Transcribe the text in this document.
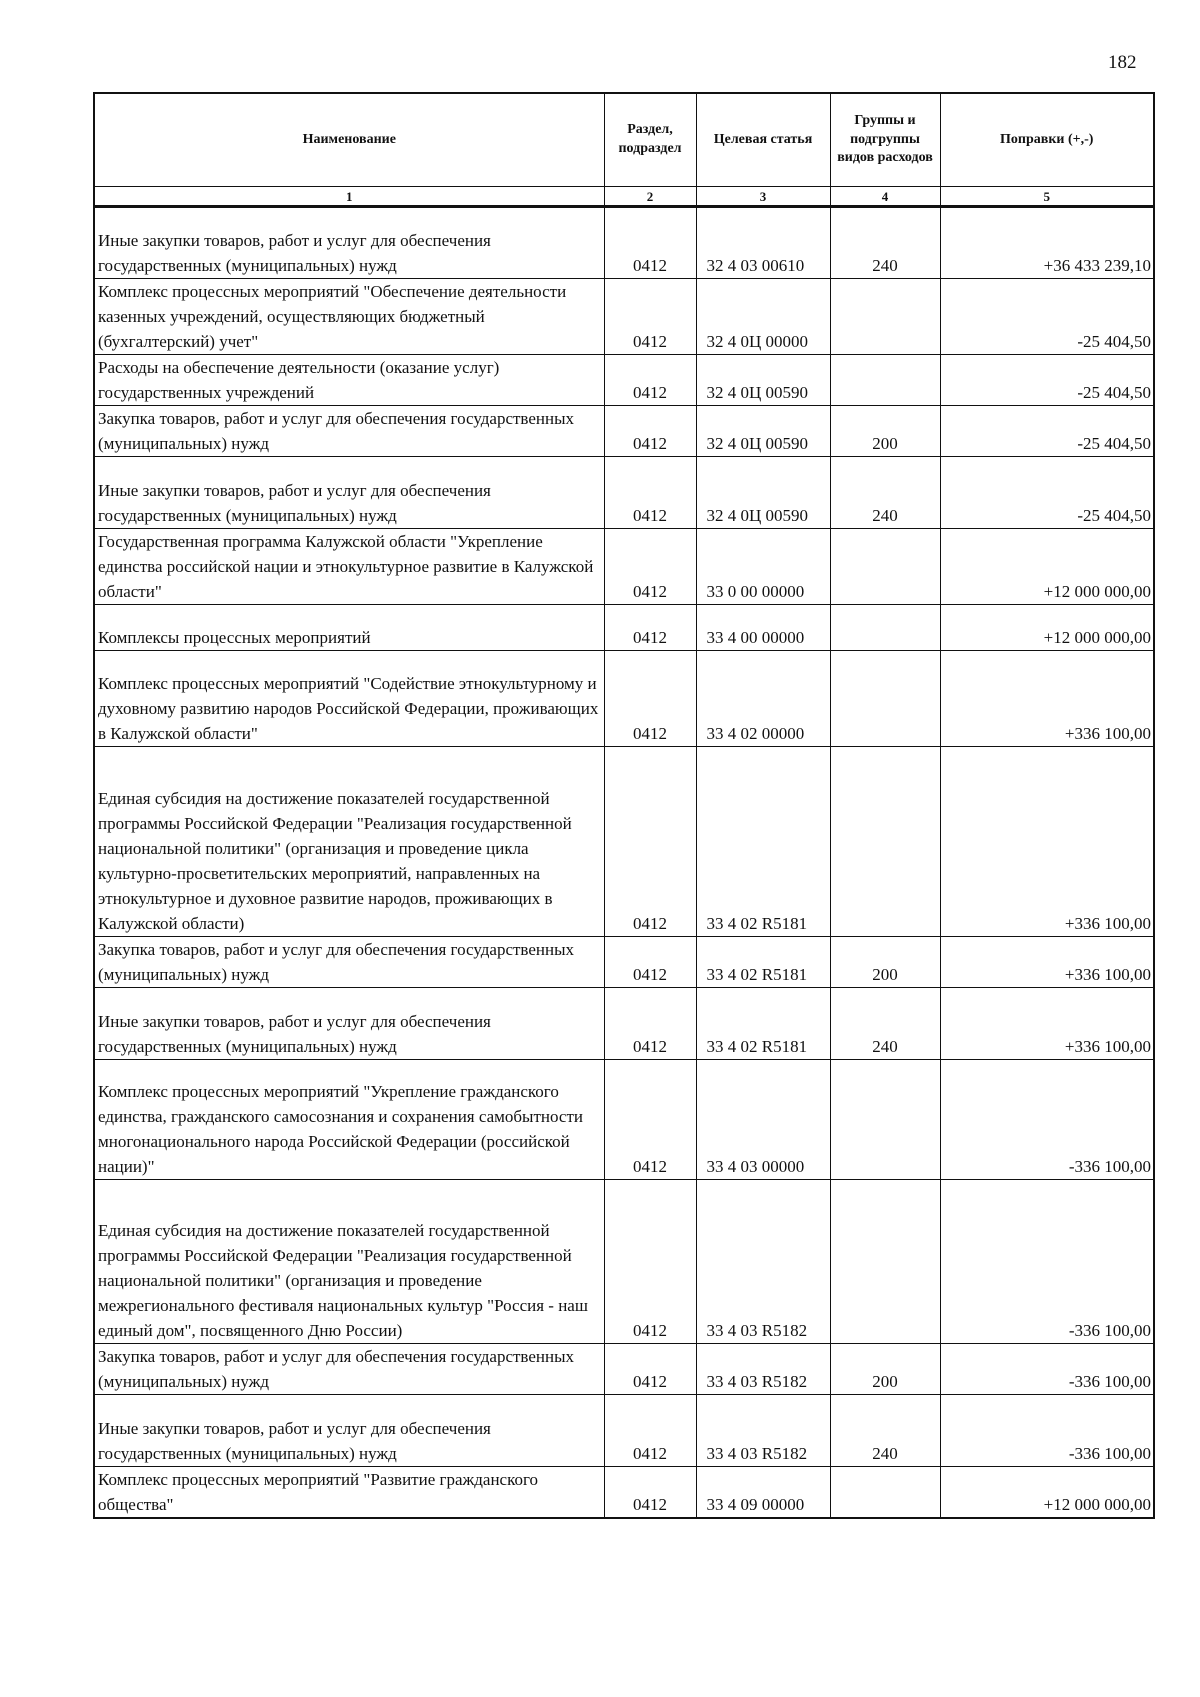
182
Наименование	Раздел, подраздел	Целевая статья	Группы и подгруппы видов расходов	Поправки (+,-)
1	2	3	4	5
Иные закупки товаров, работ и услуг для обеспечения государственных (муниципальных) нужд	0412	32 4 03 00610	240	+36 433 239,10
Комплекс процессных мероприятий "Обеспечение деятельности казенных учреждений, осуществляющих бюджетный (бухгалтерский) учет"	0412	32 4 0Ц 00000		-25 404,50
Расходы на обеспечение деятельности (оказание услуг) государственных учреждений	0412	32 4 0Ц 00590		-25 404,50
Закупка товаров, работ и услуг для обеспечения государственных (муниципальных) нужд	0412	32 4 0Ц 00590	200	-25 404,50
Иные закупки товаров, работ и услуг для обеспечения государственных (муниципальных) нужд	0412	32 4 0Ц 00590	240	-25 404,50
Государственная программа Калужской области "Укрепление единства российской нации и этнокультурное развитие в Калужской области"	0412	33 0 00 00000		+12 000 000,00
Комплексы процессных мероприятий	0412	33 4 00 00000		+12 000 000,00
Комплекс процессных мероприятий "Содействие этнокультурному и духовному развитию народов Российской Федерации, проживающих в Калужской области"	0412	33 4 02 00000		+336 100,00
Единая субсидия на достижение показателей государственной программы Российской Федерации "Реализация государственной национальной политики" (организация и проведение цикла культурно-просветительских мероприятий, направленных на этнокультурное и духовное развитие народов, проживающих в Калужской области)	0412	33 4 02 R5181		+336 100,00
Закупка товаров, работ и услуг для обеспечения государственных (муниципальных) нужд	0412	33 4 02 R5181	200	+336 100,00
Иные закупки товаров, работ и услуг для обеспечения государственных (муниципальных) нужд	0412	33 4 02 R5181	240	+336 100,00
Комплекс процессных мероприятий "Укрепление гражданского единства, гражданского самосознания и сохранения самобытности многонационального народа Российской Федерации (российской нации)"	0412	33 4 03 00000		-336 100,00
Единая субсидия на достижение показателей государственной программы Российской Федерации "Реализация государственной национальной политики" (организация и проведение межрегионального фестиваля национальных культур "Россия - наш единый дом", посвященного Дню России)	0412	33 4 03 R5182		-336 100,00
Закупка товаров, работ и услуг для обеспечения государственных (муниципальных) нужд	0412	33 4 03 R5182	200	-336 100,00
Иные закупки товаров, работ и услуг для обеспечения государственных (муниципальных) нужд	0412	33 4 03 R5182	240	-336 100,00
Комплекс процессных мероприятий "Развитие гражданского общества"	0412	33 4 09 00000		+12 000 000,00
